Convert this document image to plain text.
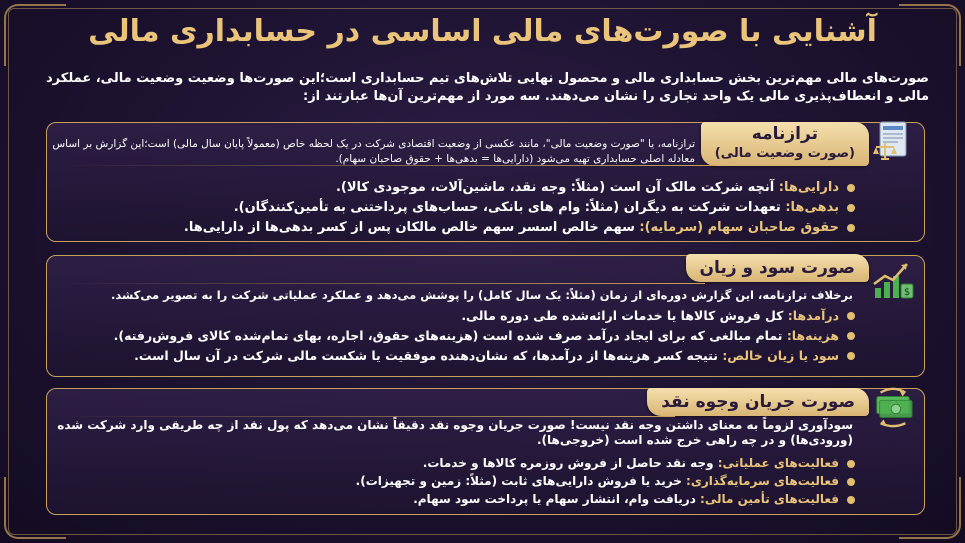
آشنایی با صورت‌های مالی اساسی در حسابداری مالی
صورت‌های مالی مهم‌ترین بخش حسابداری مالی و محصول نهایی تلاش‌های تیم حسابداری است؛این صورت‌ها وضعیت وضعیت مالی، عملکرد مالی و انعطاف‌پذیری مالی یک واحد تجاری را نشان می‌دهند. سه مورد از مهم‌ترین آن‌ها عبارتند از:
ترازنامه
(صورت وضعیت مالی)
ترازنامه، یا "صورت وضعیت مالی"، مانند عکسی از وضعیت اقتصادی شرکت در یک لحظه خاص (معمولاً پایان سال مالی) است؛این گزارش بر اساس معادله اصلی حسابداری تهیه می‌شود (دارایی‌ها = بدهی‌ها + حقوق صاحبان سهام).
دارایی‌ها: آنچه شرکت مالک آن است (مثلاً: وجه نقد، ماشین‌آلات، موجودی کالا).
بدهی‌ها: تعهدات شرکت به دیگران (مثلاً: وام های بانکی، حساب‌های پرداختنی به تأمین‌کنندگان).
حقوق صاحبان سهام (سرمایه): سهم خالص اسسر سهم خالص مالکان پس از کسر بدهی‌ها از دارایی‌ها.
صورت سود و زیان
$
برخلاف ترازنامه، این گزارش دوره‌ای از زمان (مثلاً: یک سال کامل) را پوشش می‌دهد و عملکرد عملیاتی شرکت را به تصویر می‌کشد.
درآمدها: کل فروش کالاها یا خدمات ارائه‌شده طی دوره مالی.
هزینه‌ها: تمام مبالغی که برای ایجاد درآمد صرف شده است (هزینه‌های حقوق، اجاره، بهای تمام‌شده کالای فروش‌رفته).
سود یا زیان خالص: نتیجه کسر هزینه‌ها از درآمدها، که نشان‌دهنده موفقیت یا شکست مالی شرکت در آن سال است.
صورت جریان وجوه نقد
سودآوری لزوماً به معنای داشتن وجه نقد نیست! صورت جریان وجوه نقد دقیقاً نشان می‌دهد که پول نقد از چه طریقی وارد شرکت شده (ورودی‌ها) و در چه راهی خرج شده است (خروجی‌ها).
فعالیت‌های عملیاتی: وجه نقد حاصل از فروش روزمره کالاها و خدمات.
فعالیت‌های سرمایه‌گذاری: خرید یا فروش دارایی‌های ثابت (مثلاً: زمین و تجهیزات).
فعالیت‌های تأمین مالی: دریافت وام، انتشار سهام یا پرداخت سود سهام.
